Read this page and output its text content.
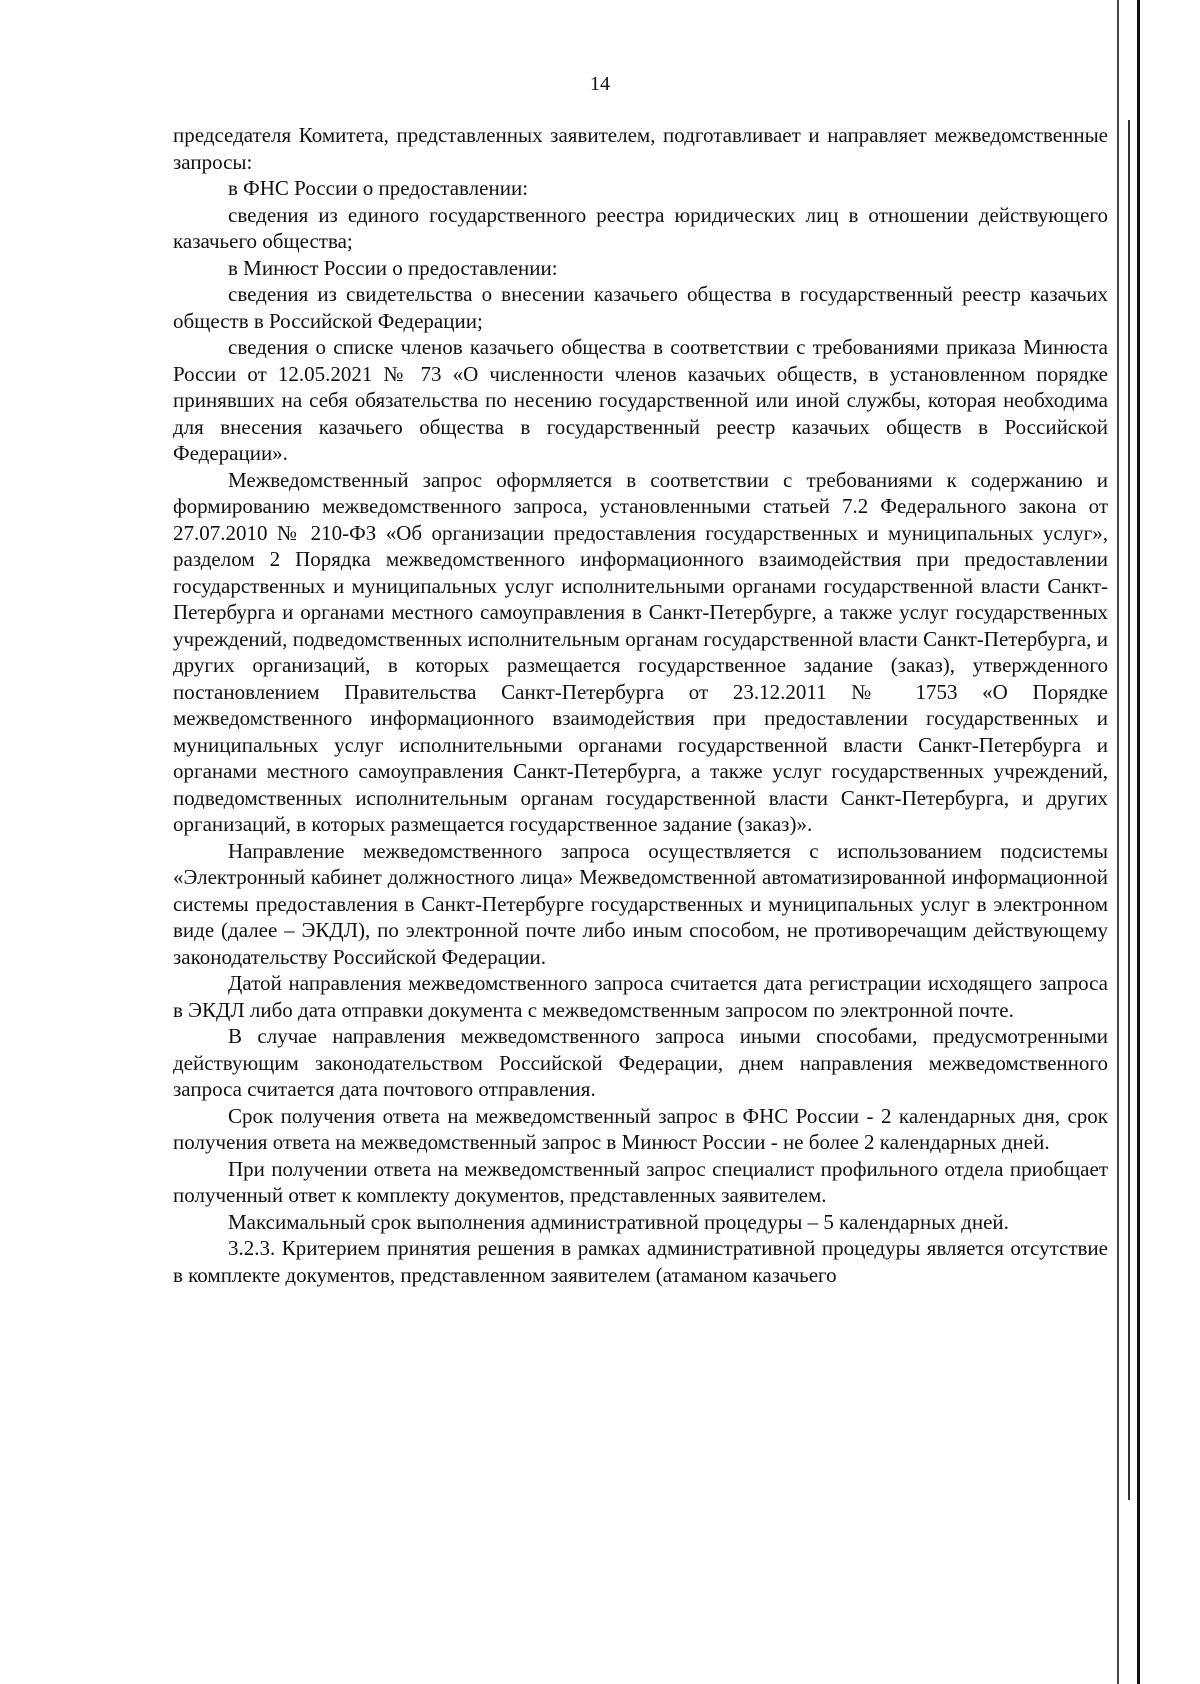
14

председателя Комитета, представленных заявителем, подготавливает и направляет межведомственные запросы:

в ФНС России о предоставлении:

сведения из единого государственного реестра юридических лиц в отношении действующего казачьего общества;

в Минюст России о предоставлении:

сведения из свидетельства о внесении казачьего общества в государственный реестр казачьих обществ в Российской Федерации;

сведения о списке членов казачьего общества в соответствии с требованиями приказа Минюста России от 12.05.2021 № 73 «О численности членов казачьих обществ, в установленном порядке принявших на себя обязательства по несению государственной или иной службы, которая необходима для внесения казачьего общества в государственный реестр казачьих обществ в Российской Федерации».

Межведомственный запрос оформляется в соответствии с требованиями к содержанию и формированию межведомственного запроса, установленными статьей 7.2 Федерального закона от 27.07.2010 № 210-ФЗ «Об организации предоставления государственных и муниципальных услуг», разделом 2 Порядка межведомственного информационного взаимодействия при предоставлении государственных и муниципальных услуг исполнительными органами государственной власти Санкт-Петербурга и органами местного самоуправления в Санкт-Петербурге, а также услуг государственных учреждений, подведомственных исполнительным органам государственной власти Санкт-Петербурга, и других организаций, в которых размещается государственное задание (заказ), утвержденного постановлением Правительства Санкт-Петербурга от 23.12.2011 № 1753 «О Порядке межведомственного информационного взаимодействия при предоставлении государственных и муниципальных услуг исполнительными органами государственной власти Санкт-Петербурга и органами местного самоуправления Санкт-Петербурга, а также услуг государственных учреждений, подведомственных исполнительным органам государственной власти Санкт-Петербурга, и других организаций, в которых размещается государственное задание (заказ)».

Направление межведомственного запроса осуществляется с использованием подсистемы «Электронный кабинет должностного лица» Межведомственной автоматизированной информационной системы предоставления в Санкт-Петербурге государственных и муниципальных услуг в электронном виде (далее – ЭКДЛ), по электронной почте либо иным способом, не противоречащим действующему законодательству Российской Федерации.

Датой направления межведомственного запроса считается дата регистрации исходящего запроса в ЭКДЛ либо дата отправки документа с межведомственным запросом по электронной почте.

В случае направления межведомственного запроса иными способами, предусмотренными действующим законодательством Российской Федерации, днем направления межведомственного запроса считается дата почтового отправления.

Срок получения ответа на межведомственный запрос в ФНС России - 2 календарных дня, срок получения ответа на межведомственный запрос в Минюст России - не более 2 календарных дней.

При получении ответа на межведомственный запрос специалист профильного отдела приобщает полученный ответ к комплекту документов, представленных заявителем.

Максимальный срок выполнения административной процедуры – 5 календарных дней.

3.2.3. Критерием принятия решения в рамках административной процедуры является отсутствие в комплекте документов, представленном заявителем (атаманом казачьего
